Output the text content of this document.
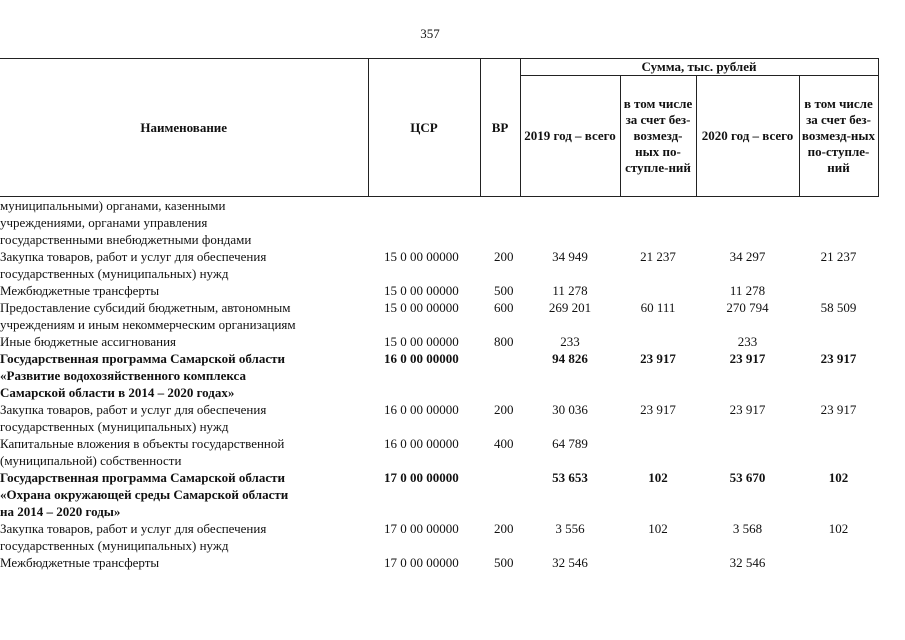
357
Наименование	ЦСР	ВР	Сумма, тыс. рублей			
			2019 год – всего	в том числе за счет без-возмезд-ных по-ступле-ний	2020 год – всего	в том числе за счет без-возмезд-ных по-ступле-ний

муниципальными) органами, казенными
учреждениями, органами управления
государственными внебюджетными фондами						

Закупка товаров, работ и услуг для обеспечения
государственных (муниципальных) нужд	15 0 00 00000	200	34 949	21 237	34 297	21 237

Межбюджетные трансферты	15 0 00 00000	500	11 278		11 278	

Предоставление субсидий бюджетным, автономным
учреждениям и иным некоммерческим организациям	15 0 00 00000	600	269 201	60 111	270 794	58 509

Иные бюджетные ассигнования	15 0 00 00000	800	233		233	

Государственная программа Самарской области
«Развитие водохозяйственного комплекса
Самарской области в 2014 – 2020 годах»	16 0 00 00000		94 826	23 917	23 917	23 917

Закупка товаров, работ и услуг для обеспечения
государственных (муниципальных) нужд	16 0 00 00000	200	30 036	23 917	23 917	23 917

Капитальные вложения в объекты государственной
(муниципальной) собственности	16 0 00 00000	400	64 789			

Государственная программа Самарской области
«Охрана окружающей среды Самарской области
на 2014 – 2020 годы»	17 0 00 00000		53 653	102	53 670	102

Закупка товаров, работ и услуг для обеспечения
государственных (муниципальных) нужд	17 0 00 00000	200	3 556	102	3 568	102

Межбюджетные трансферты	17 0 00 00000	500	32 546		32 546	
